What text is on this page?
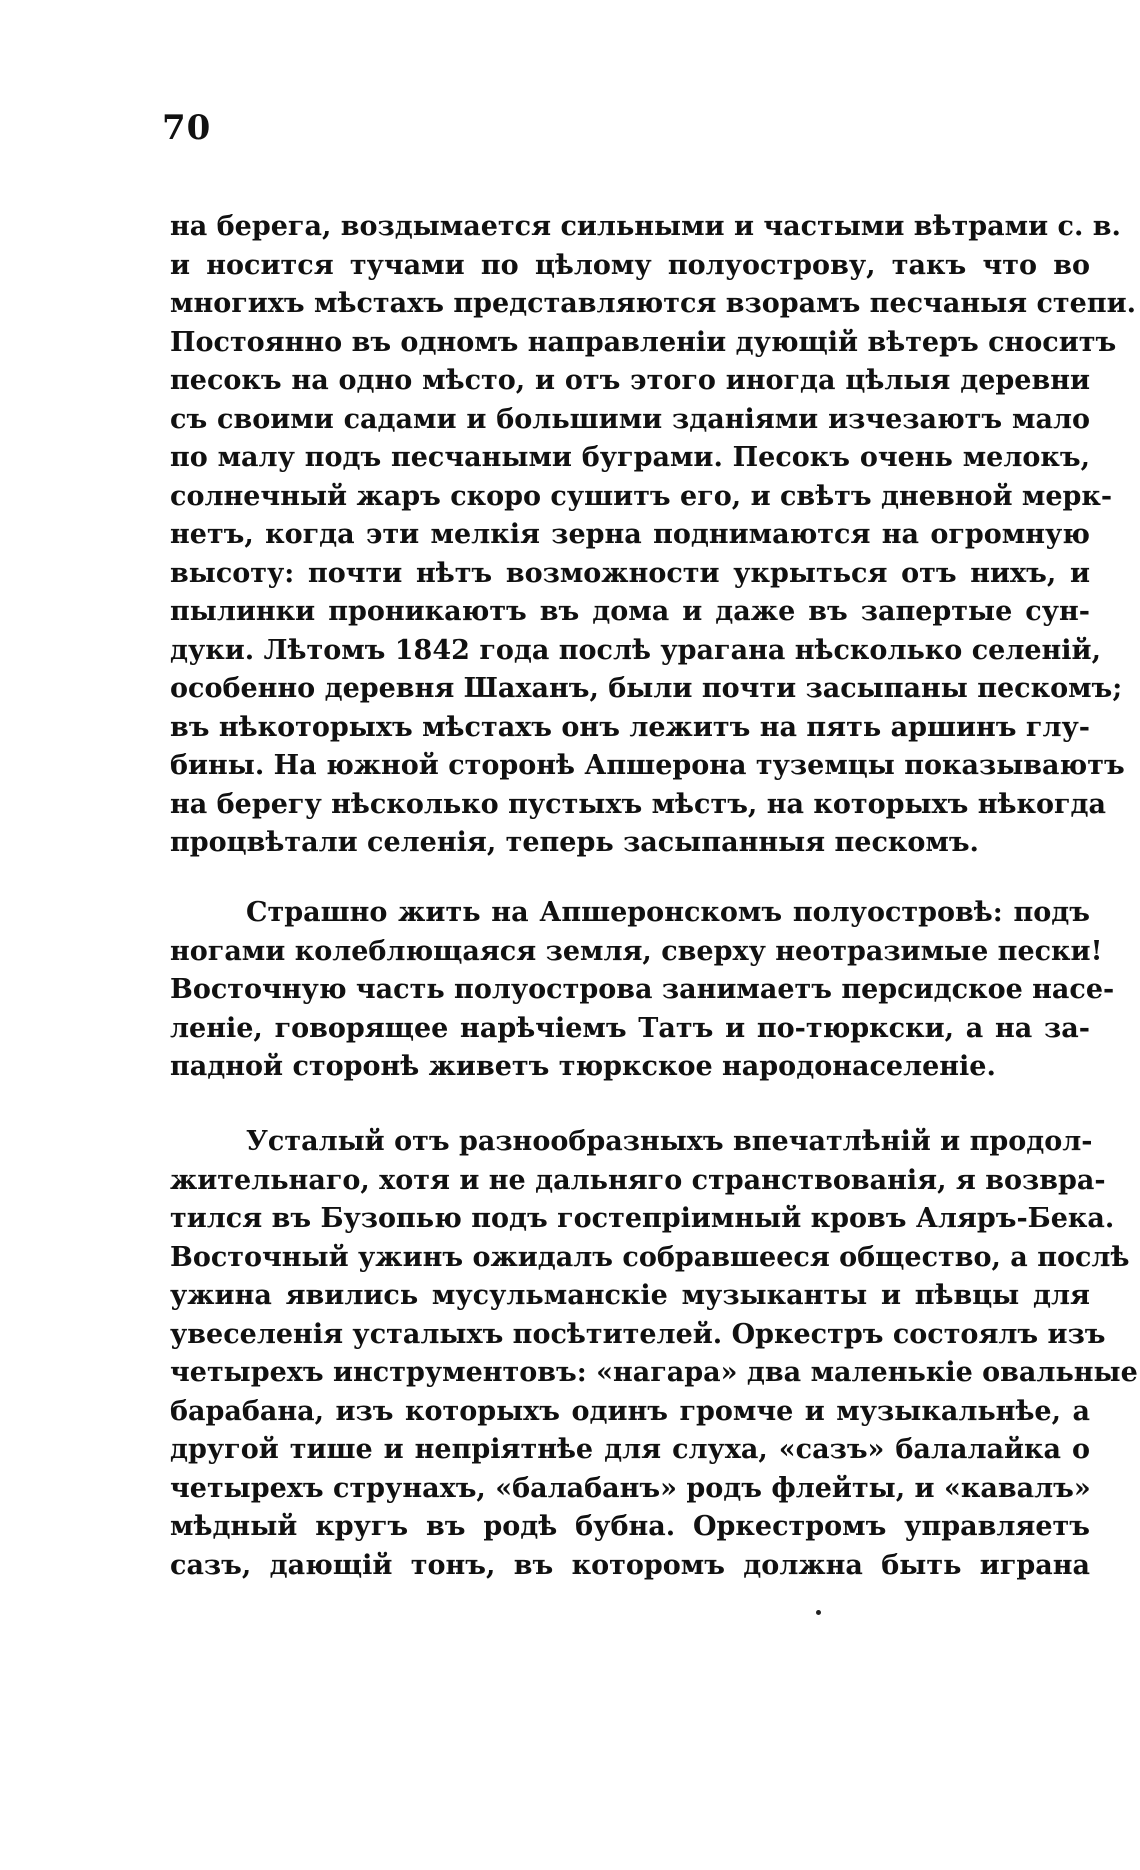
70
на берега, воздымается сильными и частыми вѣтрами с. в.
и носится тучами по цѣлому полуострову, такъ что во
многихъ мѣстахъ представляются взорамъ песчаныя степи.
Постоянно въ одномъ направленіи дующій вѣтеръ сноситъ
песокъ на одно мѣсто, и отъ этого иногда цѣлыя деревни
съ своими садами и большими зданіями изчезаютъ мало
по малу подъ песчаными буграми. Песокъ очень мелокъ,
солнечный жаръ скоро сушитъ его, и свѣтъ дневной мерк-
нетъ, когда эти мелкія зерна поднимаются на огромную
высоту: почти нѣтъ возможности укрыться отъ нихъ, и
пылинки проникаютъ въ дома и даже въ запертые сун-
дуки. Лѣтомъ 1842 года послѣ урагана нѣсколько селеній,
особенно деревня Шаханъ, были почти засыпаны пескомъ;
въ нѣкоторыхъ мѣстахъ онъ лежитъ на пять аршинъ глу-
бины. На южной сторонѣ Апшерона туземцы показываютъ
на берегу нѣсколько пустыхъ мѣстъ, на которыхъ нѣкогда
процвѣтали селенія, теперь засыпанныя пескомъ.
Страшно жить на Апшеронскомъ полуостровѣ: подъ
ногами колеблющаяся земля, сверху неотразимые пески!
Восточную часть полуострова занимаетъ персидское насе-
леніе, говорящее нарѣчіемъ Татъ и по-тюркски, а на за-
падной сторонѣ живетъ тюркское народонаселеніе.
Усталый отъ разнообразныхъ впечатлѣній и продол-
жительнаго, хотя и не дальняго странствованія, я возвра-
тился въ Бузопью подъ гостепріимный кровъ Аляръ-Бека.
Восточный ужинъ ожидалъ собравшееся общество, а послѣ
ужина явились мусульманскіе музыканты и пѣвцы для
увеселенія усталыхъ посѣтителей. Оркестръ состоялъ изъ
четырехъ инструментовъ: «нагара» два маленькіе овальные
барабана, изъ которыхъ одинъ громче и музыкальнѣе, а
другой тише и непріятнѣе для слуха, «сазъ» балалайка о
четырехъ струнахъ, «балабанъ» родъ флейты, и «кавалъ»
мѣдный кругъ въ родѣ бубна. Оркестромъ управляетъ
сазъ, дающій тонъ, въ которомъ должна быть играна
